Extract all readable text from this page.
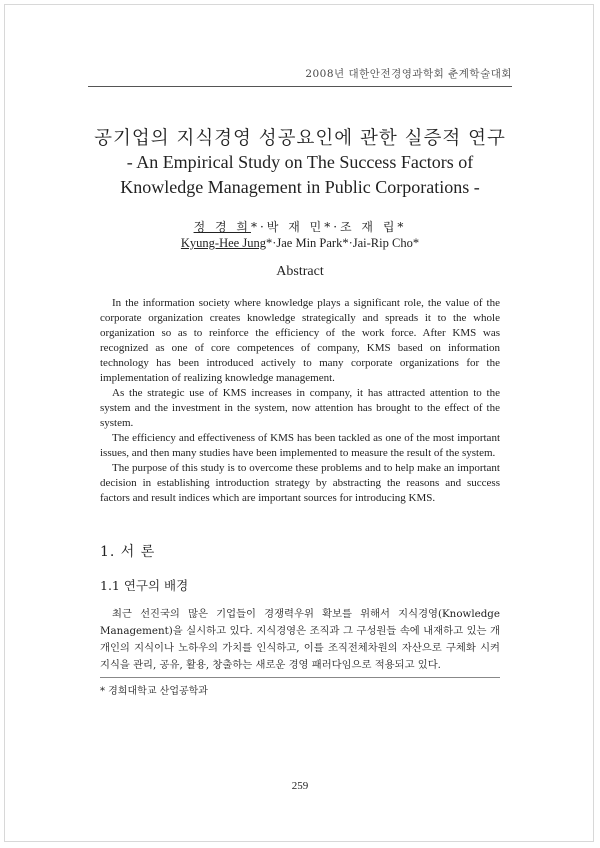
2008년 대한안전경영과학회 춘계학술대회
공기업의 지식경영 성공요인에 관한 실증적 연구
- An Empirical Study on The Success Factors of
Knowledge Management in Public Corporations -
정 경 희*·박 재 민*·조 재 립*
Kyung-Hee Jung*·Jae Min Park*·Jai-Rip Cho*
Abstract

In the information society where knowledge plays a significant role, the value of the corporate organization creates knowledge strategically and spreads it to the whole organization so as to reinforce the efficiency of the work force. After KMS was recognized as one of core competences of company, KMS based on information technology has been introduced actively to many corporate organizations for the implementation of realizing knowledge management.

As the strategic use of KMS increases in company, it has attracted attention to the system and the investment in the system, now attention has brought to the effect of the system.

The efficiency and effectiveness of KMS has been tackled as one of the most important issues, and then many studies have been implemented to measure the result of the system.

The purpose of this study is to overcome these problems and to help make an important decision in establishing introduction strategy by abstracting the reasons and success factors and result indices which are important sources for introducing KMS.

1. 서 론
1.1 연구의 배경

최근 선진국의 많은 기업들이 경쟁력우위 확보를 위해서 지식경영(Knowledge Management)을 실시하고 있다. 지식경영은 조직과 그 구성원들 속에 내재하고 있는 개개인의 지식이나 노하우의 가치를 인식하고, 이를 조직전체차원의 자산으로 구체화 시켜 지식을 관리, 공유, 활용, 창출하는 새로운 경영 패러다임으로 적용되고 있다.

* 경희대학교 산업공학과
259
